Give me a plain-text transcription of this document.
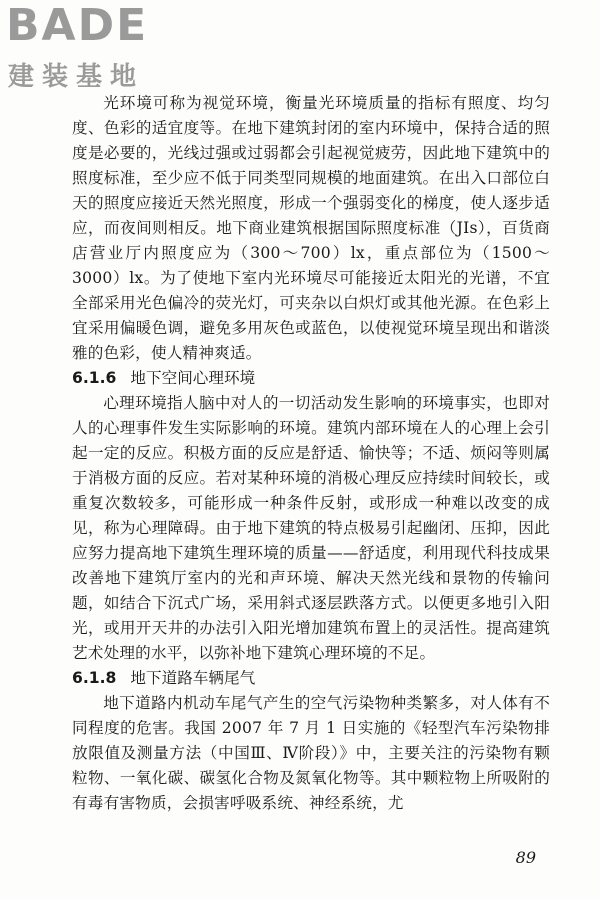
BADE
建装基地

光环境可称为视觉环境，衡量光环境质量的指标有照度、均匀度、色彩的适宜度等。在地下建筑封闭的室内环境中，保持合适的照度是必要的，光线过强或过弱都会引起视觉疲劳，因此地下建筑中的照度标准，至少应不低于同类型同规模的地面建筑。在出入口部位白天的照度应接近天然光照度，形成一个强弱变化的梯度，使人逐步适应，而夜间则相反。地下商业建筑根据国际照度标准（JIs），百货商店营业厅内照度应为（300～700）lx，重点部位为（1500～3000）lx。为了使地下室内光环境尽可能接近太阳光的光谱，不宜全部采用光色偏冷的荧光灯，可夹杂以白炽灯或其他光源。在色彩上宜采用偏暖色调，避免多用灰色或蓝色，以使视觉环境呈现出和谐淡雅的色彩，使人精神爽适。

6.1.6 地下空间心理环境

心理环境指人脑中对人的一切活动发生影响的环境事实，也即对人的心理事件发生实际影响的环境。建筑内部环境在人的心理上会引起一定的反应。积极方面的反应是舒适、愉快等；不适、烦闷等则属于消极方面的反应。若对某种环境的消极心理反应持续时间较长，或重复次数较多，可能形成一种条件反射，或形成一种难以改变的成见，称为心理障碍。由于地下建筑的特点极易引起幽闭、压抑，因此应努力提高地下建筑生理环境的质量——舒适度，利用现代科技成果改善地下建筑厅室内的光和声环境、解决天然光线和景物的传输问题，如结合下沉式广场，采用斜式逐层跌落方式。以便更多地引入阳光，或用开天井的办法引入阳光增加建筑布置上的灵活性。提高建筑艺术处理的水平，以弥补地下建筑心理环境的不足。

6.1.8 地下道路车辆尾气

地下道路内机动车尾气产生的空气污染物种类繁多，对人体有不同程度的危害。我国 2007 年 7 月 1 日实施的《轻型汽车污染物排放限值及测量方法（中国Ⅲ、Ⅳ阶段）》中，主要关注的污染物有颗粒物、一氧化碳、碳氢化合物及氮氧化物等。其中颗粒物上所吸附的有毒有害物质，会损害呼吸系统、神经系统，尤

89
